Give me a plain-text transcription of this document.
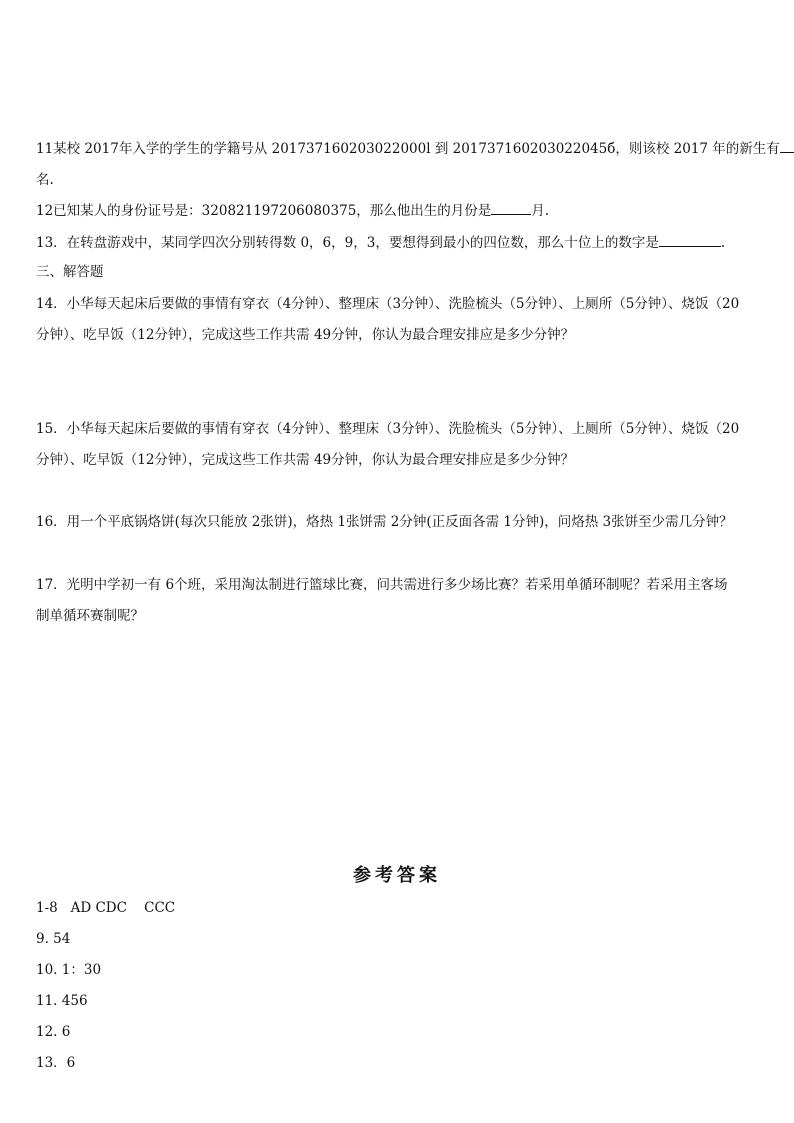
11某校 2017年入学的学生的学籍号从 201737160203022000l 到 201737160203022045б，则该校 2017 年的新生有
名.
12已知某人的身份证号是：320821197206080375，那么他出生的月份是	月.
13．在转盘游戏中，某同学四次分别转得数 0，6，9，3，要想得到最小的四位数，那么十位上的数字是	.
三、解答题
14．小华每天起床后要做的事情有穿衣（4分钟）、整理床（3分钟）、洗脸梳头（5分钟）、上厕所（5分钟）、烧饭（20
分钟）、吃早饭（12分钟），完成这些工作共需 49分钟，你认为最合理安排应是多少分钟？
15．小华每天起床后要做的事情有穿衣（4分钟）、整理床（3分钟）、洗脸梳头（5分钟）、上厕所（5分钟）、烧饭（20
分钟）、吃早饭（12分钟），完成这些工作共需 49分钟，你认为最合理安排应是多少分钟？
16．用一个平底锅烙饼(每次只能放 2张饼)，烙热 1张饼需 2分钟(正反面各需 1分钟)，问烙热 3张饼至少需几分钟？
17．光明中学初一有 6个班，采用淘汰制进行篮球比赛，问共需进行多少场比赛？若采用单循环制呢？若采用主客场
制单循环赛制呢？
参考答案
1-8   AD CDC    CCC
9. 54
10. 1：30
11. 456
12. 6
13．6
